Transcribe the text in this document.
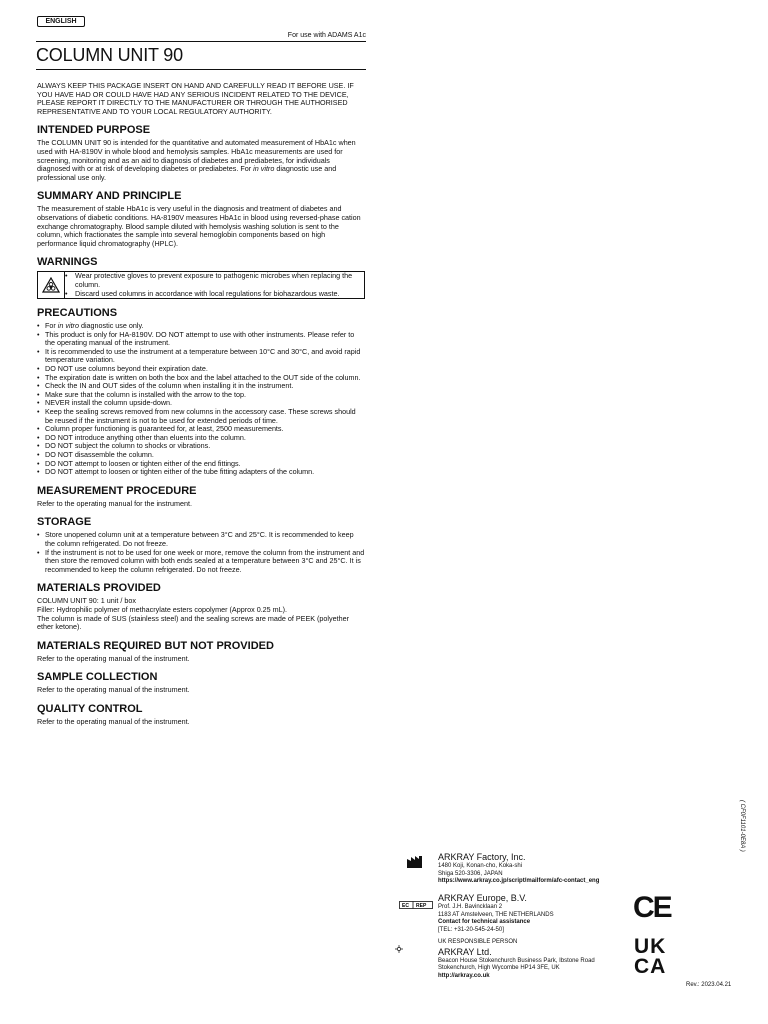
ENGLISH
For use with ADAMS A1c
COLUMN UNIT 90

ALWAYS KEEP THIS PACKAGE INSERT ON HAND AND CAREFULLY READ IT BEFORE USE. IF YOU HAVE HAD OR COULD HAVE HAD ANY SERIOUS INCIDENT RELATED TO THE DEVICE, PLEASE REPORT IT DIRECTLY TO THE MANUFACTURER OR THROUGH THE AUTHORISED REPRESENTATIVE AND TO YOUR LOCAL REGULATORY AUTHORITY.

INTENDED PURPOSE

The COLUMN UNIT 90 is intended for the quantitative and automated measurement of HbA1c when used with HA-8190V in whole blood and hemolysis samples. HbA1c measurements are used for screening, monitoring and as an aid to diagnosis of diabetes and prediabetes, for individuals diagnosed with or at risk of developing diabetes or prediabetes. For in vitro diagnostic use and professional use only.

SUMMARY AND PRINCIPLE

The measurement of stable HbA1c is very useful in the diagnosis and treatment of diabetes and observations of diabetic conditions. HA-8190V measures HbA1c in blood using reversed-phase cation exchange chromatography. Blood sample diluted with hemolysis washing solution is sent to the column, which fractionates the sample into several hemoglobin components based on high performance liquid chromatography (HPLC).

WARNINGS
• Wear protective gloves to prevent exposure to pathogenic microbes when replacing the column.
• Discard used columns in accordance with local regulations for biohazardous waste.
PRECAUTIONS
• For in vitro diagnostic use only.
• This product is only for HA-8190V. DO NOT attempt to use with other instruments. Please refer to the operating manual of the instrument.
• It is recommended to use the instrument at a temperature between 10°C and 30°C, and avoid rapid temperature variation.
• DO NOT use columns beyond their expiration date.
• The expiration date is written on both the box and the label attached to the OUT side of the column.
• Check the IN and OUT sides of the column when installing it in the instrument.
• Make sure that the column is installed with the arrow to the top.
• NEVER install the column upside-down.
• Keep the sealing screws removed from new columns in the accessory case. These screws should be reused if the instrument is not to be used for extended periods of time.
• Column proper functioning is guaranteed for, at least, 2500 measurements.
• DO NOT introduce anything other than eluents into the column.
• DO NOT subject the column to shocks or vibrations.
• DO NOT disassemble the column.
• DO NOT attempt to loosen or tighten either of the end fittings.
• DO NOT attempt to loosen or tighten either of the tube fitting adapters of the column.
MEASUREMENT PROCEDURE

Refer to the operating manual for the instrument.

STORAGE
• Store unopened column unit at a temperature between 3°C and 25°C. It is recommended to keep the column refrigerated. Do not freeze.
• If the instrument is not to be used for one week or more, remove the column from the instrument and then store the removed column with both ends sealed at a temperature between 3°C and 25°C. It is recommended to keep the column refrigerated. Do not freeze.
MATERIALS PROVIDED

COLUMN UNIT 90: 1 unit / box

Filler: Hydrophilic polymer of methacrylate esters copolymer (Approx 0.25 mL).

The column is made of SUS (stainless steel) and the sealing screws are made of PEEK (polyether ether ketone).

MATERIALS REQUIRED BUT NOT PROVIDED

Refer to the operating manual of the instrument.

SAMPLE COLLECTION

Refer to the operating manual of the instrument.

QUALITY CONTROL

Refer to the operating manual of the instrument.

( CF0F1101-0E8A )
ARKRAY Factory, Inc.
1480 Koji, Konan-cho, Koka-shi
Shiga 520-3306, JAPAN
https://www.arkray.co.jp/script/mailform/afc-contact_eng
EC REP
ARKRAY Europe, B.V.
Prof. J.H. Bavincklaan 2
1183 AT Amstelveen, THE NETHERLANDS
Contact for technical assistance
[TEL: +31-20-545-24-50]
UK RESPONSIBLE PERSON
ARKRAY Ltd.
Beacon House Stokenchurch Business Park, Ibstone Road
Stokenchurch, High Wycombe HP14 3FE, UK
http://arkray.co.uk
CE
UK
CA
Rev.: 2023.04.21
